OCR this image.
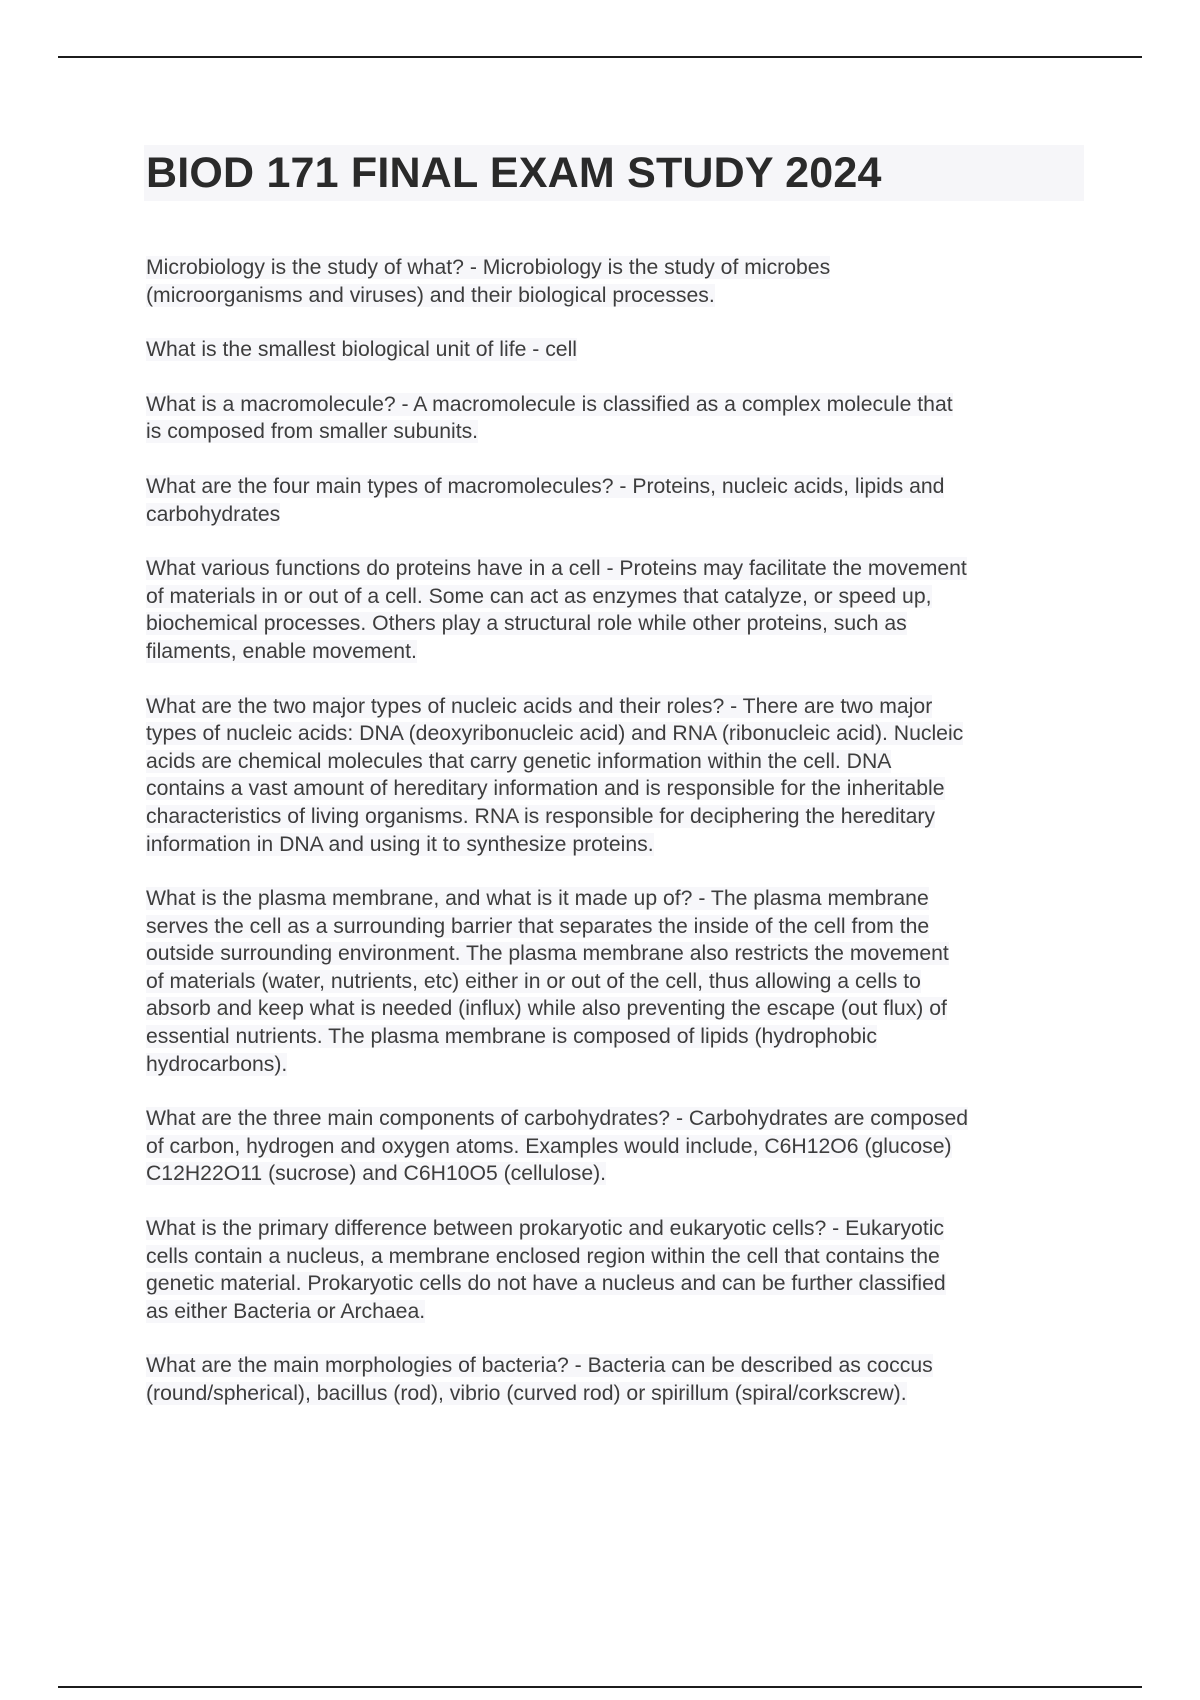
BIOD 171 FINAL EXAM STUDY 2024

Microbiology is the study of what? - Microbiology is the study of microbes
(microorganisms and viruses) and their biological processes.

What is the smallest biological unit of life - cell

What is a macromolecule? - A macromolecule is classified as a complex molecule that
is composed from smaller subunits.

What are the four main types of macromolecules? - Proteins, nucleic acids, lipids and
carbohydrates

What various functions do proteins have in a cell - Proteins may facilitate the movement
of materials in or out of a cell. Some can act as enzymes that catalyze, or speed up,
biochemical processes. Others play a structural role while other proteins, such as
filaments, enable movement.

What are the two major types of nucleic acids and their roles? - There are two major
types of nucleic acids: DNA (deoxyribonucleic acid) and RNA (ribonucleic acid). Nucleic
acids are chemical molecules that carry genetic information within the cell. DNA
contains a vast amount of hereditary information and is responsible for the inheritable
characteristics of living organisms. RNA is responsible for deciphering the hereditary
information in DNA and using it to synthesize proteins.

What is the plasma membrane, and what is it made up of? - The plasma membrane
serves the cell as a surrounding barrier that separates the inside of the cell from the
outside surrounding environment. The plasma membrane also restricts the movement
of materials (water, nutrients, etc) either in or out of the cell, thus allowing a cells to
absorb and keep what is needed (influx) while also preventing the escape (out flux) of
essential nutrients. The plasma membrane is composed of lipids (hydrophobic
hydrocarbons).

What are the three main components of carbohydrates? - Carbohydrates are composed
of carbon, hydrogen and oxygen atoms. Examples would include, C6H12O6 (glucose)
C12H22O11 (sucrose) and C6H10O5 (cellulose).

What is the primary difference between prokaryotic and eukaryotic cells? - Eukaryotic
cells contain a nucleus, a membrane enclosed region within the cell that contains the
genetic material. Prokaryotic cells do not have a nucleus and can be further classified
as either Bacteria or Archaea.

What are the main morphologies of bacteria? - Bacteria can be described as coccus
(round/spherical), bacillus (rod), vibrio (curved rod) or spirillum (spiral/corkscrew).
